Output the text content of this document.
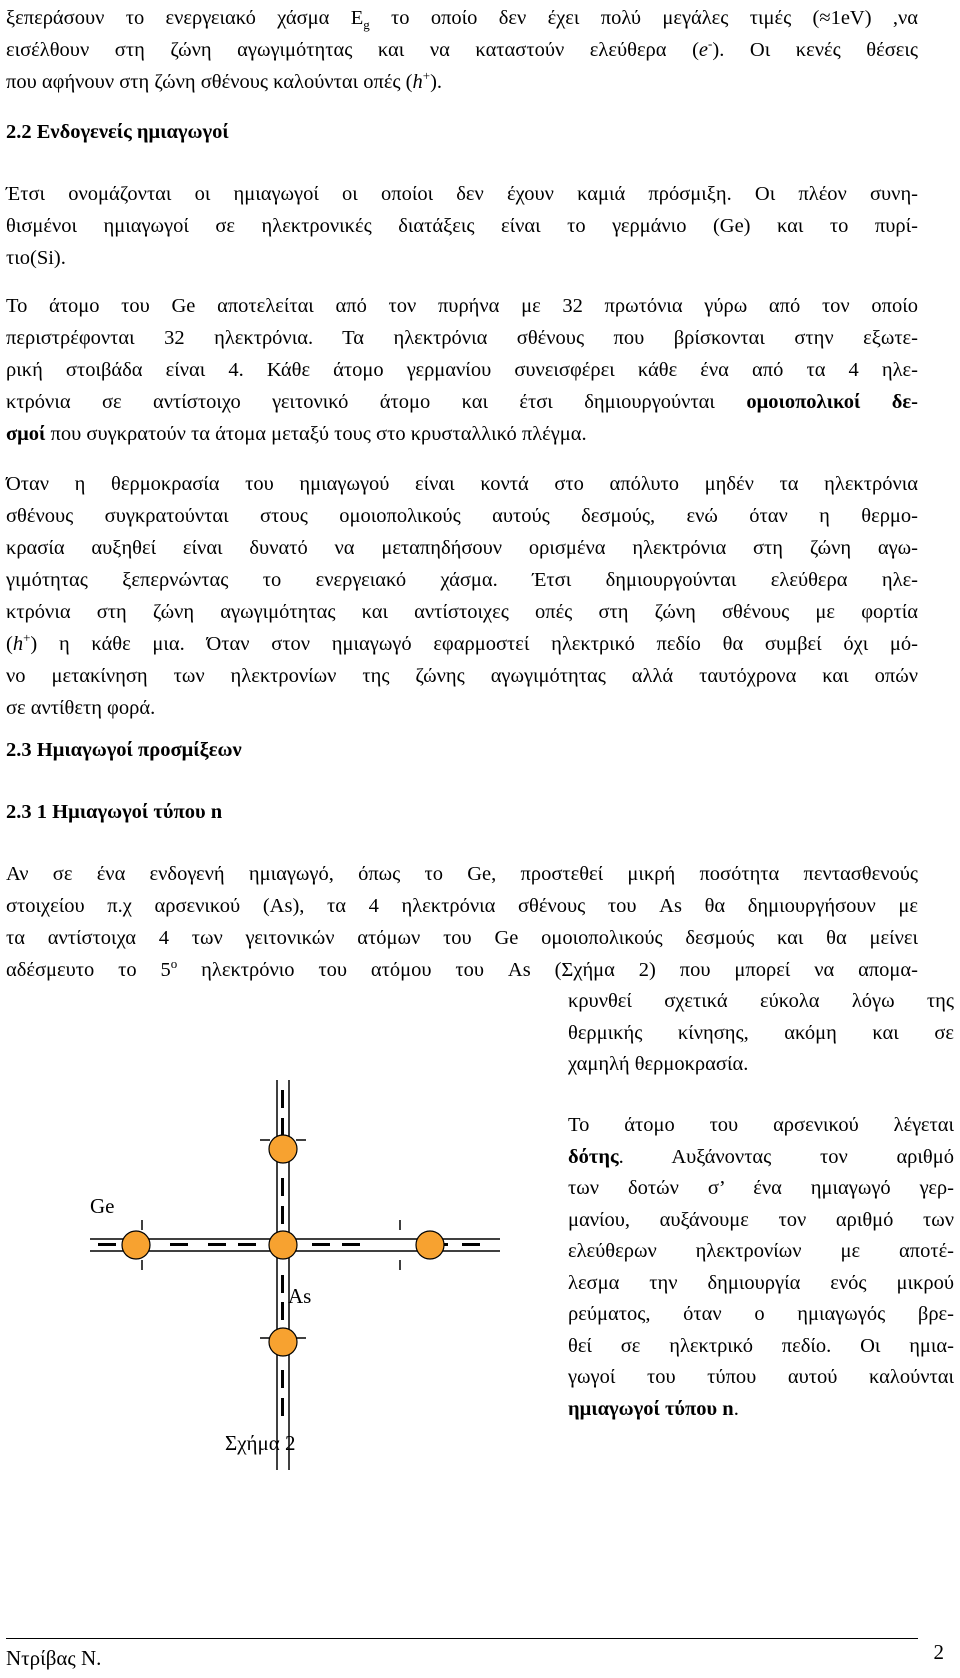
ξεπεράσουν το ενεργειακό χάσμα $E_g$ το οποίο δεν έχει πολύ μεγάλες τιμές (≈1eV) ,να
εισέλθουν στη ζώνη αγωγιμότητας και να καταστούν ελεύθερα (e-). Οι κενές θέσεις
που αφήνουν στη ζώνη σθένους καλούνται οπές (h+).
2.2 Ενδογενείς ημιαγωγοί
Έτσι ονομάζονται οι ημιαγωγοί οι οποίοι δεν έχουν καμιά πρόσμιξη. Οι πλέον συνη-
θισμένοι ημιαγωγοί σε ηλεκτρονικές διατάξεις είναι το γερμάνιο (Ge) και το πυρί-
τιο(Si).
Το άτομο του Ge αποτελείται από τον πυρήνα με 32 πρωτόνια γύρω από τον οποίο
περιστρέφονται 32 ηλεκτρόνια. Τα ηλεκτρόνια σθένους που βρίσκονται στην εξωτε-
ρική στοιβάδα είναι 4. Κάθε άτομο γερμανίου συνεισφέρει κάθε ένα από τα 4 ηλε-
κτρόνια σε αντίστοιχο γειτονικό άτομο και έτσι δημιουργούνται ομοιοπολικοί δε-
σμοί που συγκρατούν τα άτομα μεταξύ τους στο κρυσταλλικό πλέγμα.
Όταν η θερμοκρασία του ημιαγωγού είναι κοντά στο απόλυτο μηδέν τα ηλεκτρόνια
σθένους συγκρατούνται στους ομοιοπολικούς αυτούς δεσμούς, ενώ όταν η θερμο-
κρασία αυξηθεί είναι δυνατό να μεταπηδήσουν ορισμένα ηλεκτρόνια στη ζώνη αγω-
γιμότητας ξεπερνώντας το ενεργειακό χάσμα. Έτσι δημιουργούνται ελεύθερα ηλε-
κτρόνια στη ζώνη αγωγιμότητας και αντίστοιχες οπές στη ζώνη σθένους με φορτία
(h+) η κάθε μια. Όταν στον ημιαγωγό εφαρμοστεί ηλεκτρικό πεδίο θα συμβεί όχι μό-
νο μετακίνηση των ηλεκτρονίων της ζώνης αγωγιμότητας αλλά ταυτόχρονα και οπών
σε αντίθετη φορά.
2.3 Ημιαγωγοί προσμίξεων
2.3 1 Ημιαγωγοί τύπου n
Αν σε ένα ενδογενή ημιαγωγό, όπως το Ge, προστεθεί μικρή ποσότητα πεντασθενούς
στοιχείου π.χ αρσενικού (As), τα 4 ηλεκτρόνια σθένους του As θα δημιουργήσουν με
τα αντίστοιχα 4 των γειτονικών ατόμων του Ge ομοιοπολικούς δεσμούς και θα μείνει
αδέσμευτο το $5^o$ ηλεκτρόνιο του ατόμου του As (Σχήμα 2) που μπορεί να απομα-
κρυνθεί σχετικά εύκολα λόγω της
θερμικής κίνησης, ακόμη και σε
χαμηλή θερμοκρασία.
Το άτομο του αρσενικού λέγεται
δότης. Αυξάνοντας τον αριθμό
των δοτών σ’ ένα ημιαγωγό γερ-
μανίου, αυξάνουμε τον αριθμό των
ελεύθερων ηλεκτρονίων με αποτέ-
λεσμα την δημιουργία ενός μικρού
ρεύματος, όταν ο ημιαγωγός βρε-
θεί σε ηλεκτρικό πεδίο. Οι ημια-
γωγοί του τύπου αυτού καλούνται
ημιαγωγοί τύπου n.
Ge
As
Σχήμα 2
Ντρίβας Ν.	2
